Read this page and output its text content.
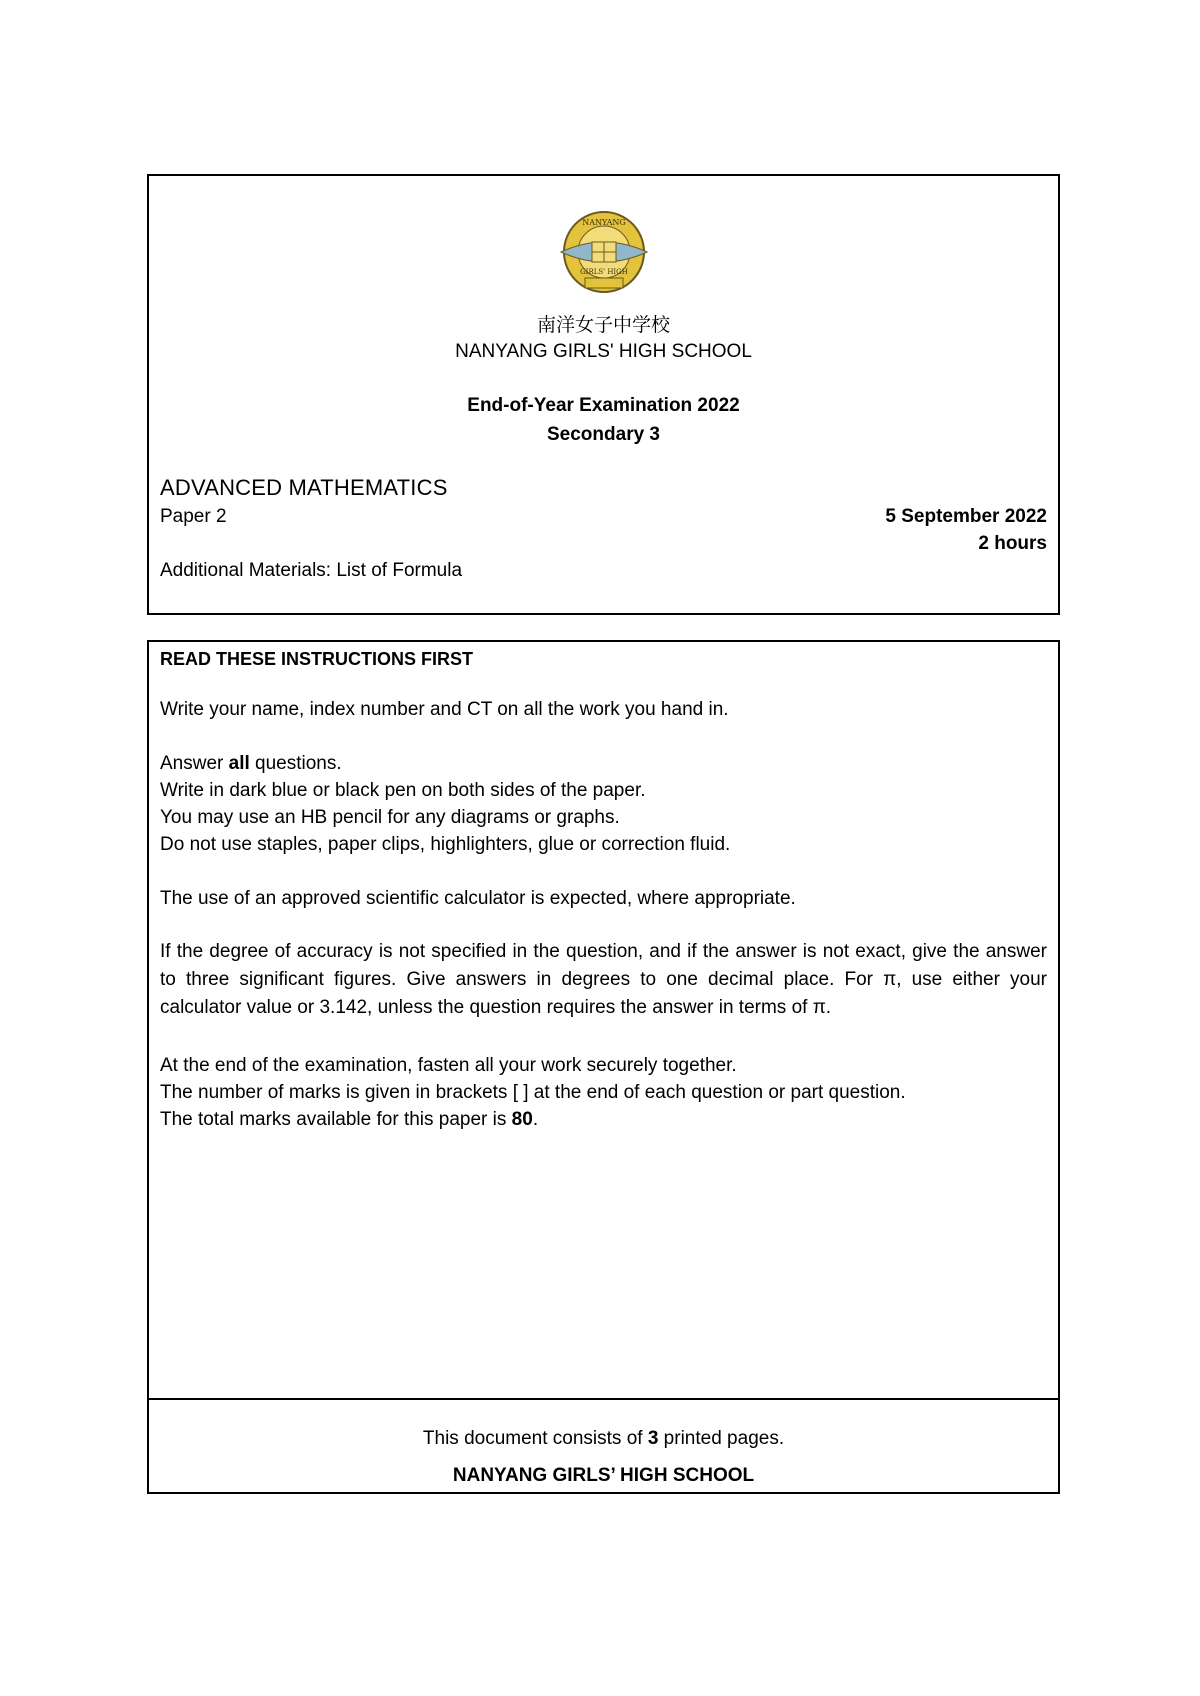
NANYANG
GIRLS' HIGH
南洋女子中学校
NANYANG GIRLS' HIGH SCHOOL
End-of-Year Examination 2022
Secondary 3
ADVANCED MATHEMATICS
Paper 2	5 September 2022
2 hours
Additional Materials: List of Formula
READ THESE INSTRUCTIONS FIRST
Write your name, index number and CT on all the work you hand in.
Answer all questions.
Write in dark blue or black pen on both sides of the paper.
You may use an HB pencil for any diagrams or graphs.
Do not use staples, paper clips, highlighters, glue or correction fluid.
The use of an approved scientific calculator is expected, where appropriate.
If the degree of accuracy is not specified in the question, and if the answer is not exact, give the answer to three significant figures. Give answers in degrees to one decimal place. For π, use either your calculator value or 3.142, unless the question requires the answer in terms of π.
At the end of the examination, fasten all your work securely together.
The number of marks is given in brackets [ ] at the end of each question or part question.
The total marks available for this paper is 80.
This document consists of 3 printed pages.
NANYANG GIRLS’ HIGH SCHOOL
